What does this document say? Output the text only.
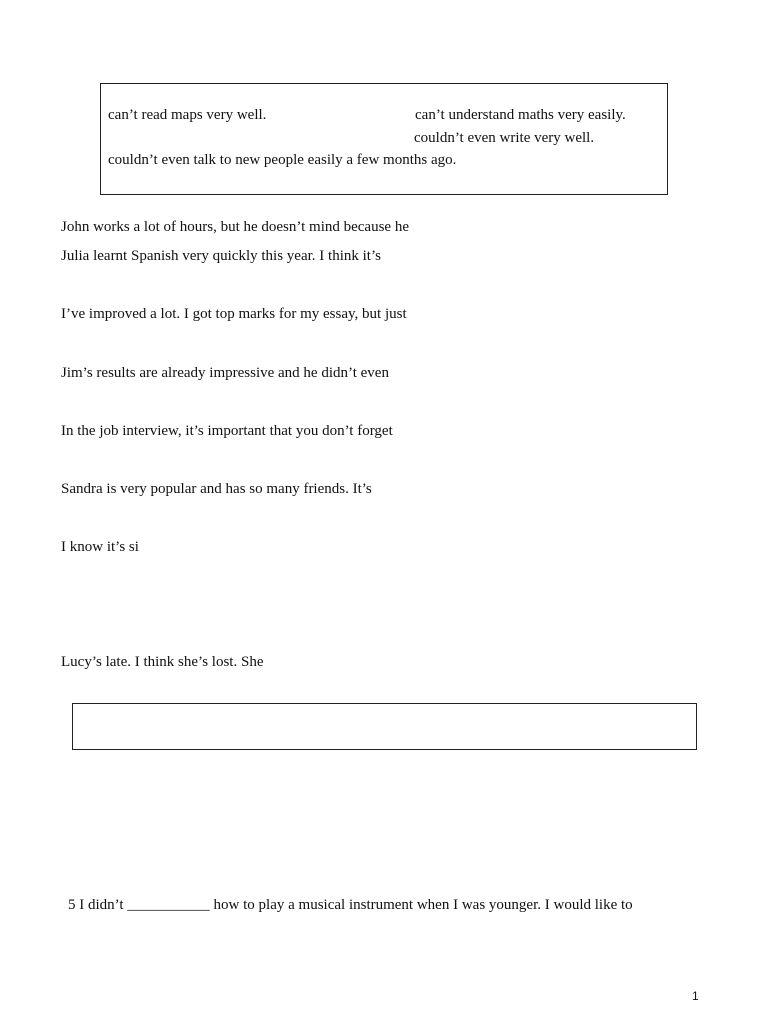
can’t read maps very well.	can’t understand maths very easily.
couldn’t even write very well.
couldn’t even talk to new people easily a few months ago.
John works a lot of hours, but he doesn’t mind because he
Julia learnt Spanish very quickly this year. I think it’s
I’ve improved a lot. I got top marks for my essay, but just
Jim’s results are already impressive and he didn’t even
In the job interview, it’s important that you don’t forget
Sandra is very popular and has so many friends. It’s
I know it’s si
Lucy’s late. I think she’s lost. She
5 I didn’t ___________ how to play a musical instrument when I was younger. I would like to
1
